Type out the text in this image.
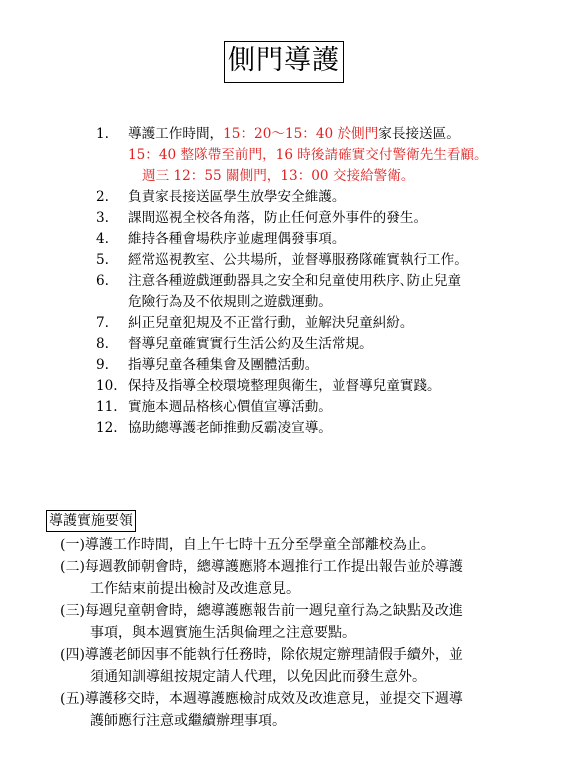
側門導護
1.	導護工作時間，15：20～15：40 於側門家長接送區。
15：40 整隊帶至前門，16 時後請確實交付警衛先生看顧。
週三 12：55 關側門，13：00 交接給警衛。
2.	負責家長接送區學生放學安全維護。
3.	課間巡視全校各角落，防止任何意外事件的發生。
4.	維持各種會場秩序並處理偶發事項。
5.	經常巡視教室、公共場所，並督導服務隊確實執行工作。
6.	注意各種遊戲運動器具之安全和兒童使用秩序､防止兒童
危險行為及不依規則之遊戲運動。
7.	糾正兒童犯規及不正當行動，並解決兒童糾紛。
8.	督導兒童確實實行生活公約及生活常規。
9.	指導兒童各種集會及團體活動。
10. 保持及指導全校環境整理與衛生，並督導兒童實踐。
11. 實施本週品格核心價值宣導活動。
12. 協助總導護老師推動反霸凌宣導。
導護實施要領
(一)導護工作時間，自上午七時十五分至學童全部離校為止。
(二)每週教師朝會時，總導護應將本週推行工作提出報告並於導護
工作結束前提出檢討及改進意見。
(三)每週兒童朝會時，總導護應報告前一週兒童行為之缺點及改進
事項，與本週實施生活與倫理之注意要點。
(四)導護老師因事不能執行任務時，除依規定辦理請假手續外，並
須通知訓導組按規定請人代理，以免因此而發生意外。
(五)導護移交時，本週導護應檢討成效及改進意見，並提交下週導
護師應行注意或繼續辦理事項。
